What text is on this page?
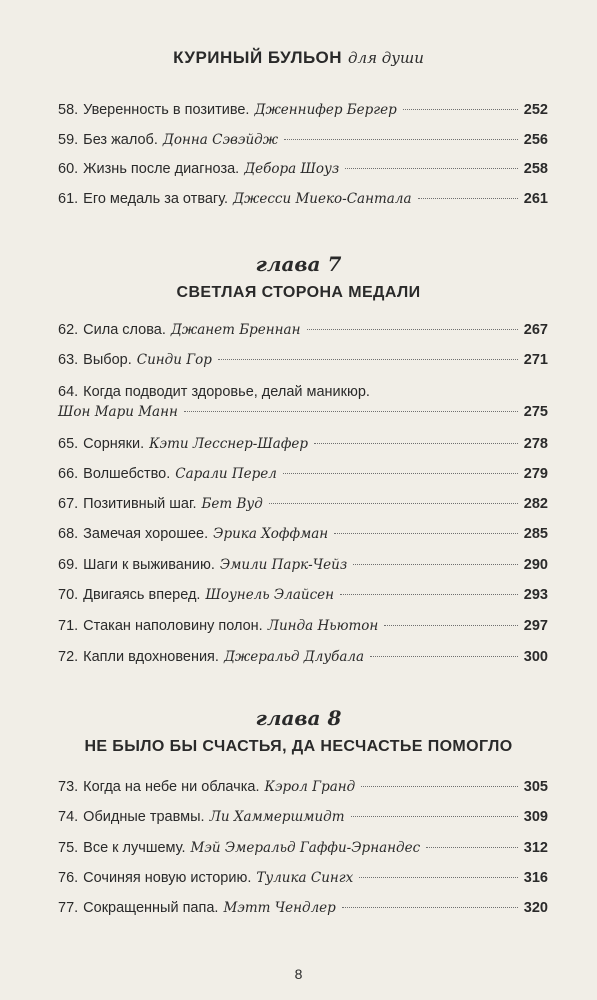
КУРИНЫЙ БУЛЬОН для души
58. Уверенность в позитиве. Дженнифер Бергер	252
59. Без жалоб. Донна Сэвэйдж	256
60. Жизнь после диагноза. Дебора Шоуз	258
61. Его медаль за отвагу. Джесси Миеко-Сантала	261
глава 7
СВЕТЛАЯ СТОРОНА МЕДАЛИ
62. Сила слова. Джанет Бреннан	267
63. Выбор. Синди Гор	271
64. Когда подводит здоровье, делай маникюр.
Шон Мари Манн	275
65. Сорняки. Кэти Лесснер-Шафер	278
66. Волшебство. Сарали Перел	279
67. Позитивный шаг. Бет Вуд	282
68. Замечая хорошее. Эрика Хоффман	285
69. Шаги к выживанию. Эмили Парк-Чейз	290
70. Двигаясь вперед. Шоунель Элайсен	293
71. Стакан наполовину полон. Линда Ньютон	297
72. Капли вдохновения. Джеральд Длубала	300
глава 8
НЕ БЫЛО БЫ СЧАСТЬЯ, ДА НЕСЧАСТЬЕ ПОМОГЛО
73. Когда на небе ни облачка. Кэрол Гранд	305
74. Обидные травмы. Ли Хаммершмидт	309
75. Все к лучшему. Мэй Эмеральд Гаффи-Эрнандес	312
76. Сочиняя новую историю. Тулика Сингх	316
77. Сокращенный папа. Мэтт Чендлер	320
8
